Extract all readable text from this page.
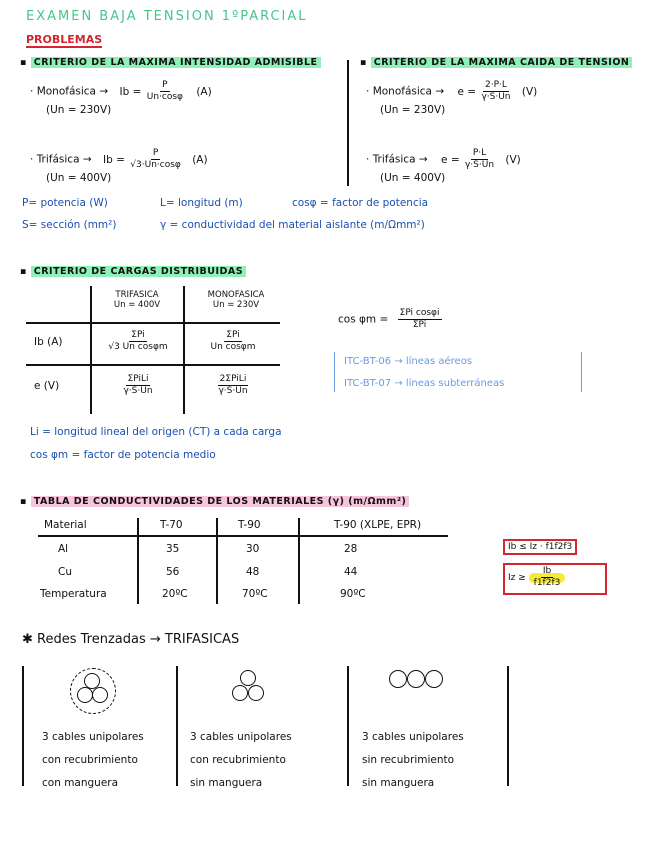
EXAMEN BAJA TENSION 1ºPARCIAL
PROBLEMAS
▪ CRITERIO DE LA MAXIMA INTENSIDAD ADMISIBLE	▪ CRITERIO DE LA MAXIMA CAIDA DE TENSION
· Monofásica → $Ib = \frac{P}{Un\cdot\cos\varphi} (A)$
(Un = 230V)
· Trifásica → $Ib = \frac{P}{√3\cdot Un\cdot\cos\varphi} (A)$
(Un = 400V)
· Monofásica → $e = \frac{2\cdot P\cdot L}{\gamma\cdot S\cdot Un} (V)$
(Un = 230V)
· Trifásica → $e = \frac{P\cdot L}{\gamma\cdot S\cdot Un} (V)$
(Un = 400V)
P= potencia (W)	L= longitud (m)	cosφ = factor de potencia
S= sección (mm²)	γ = conductividad del material aislante (m/Ωmm²)
▪ CRITERIO DE CARGAS DISTRIBUIDAS
TRIFASICA
Un = 400V
MONOFASICA
Un = 230V
Ib (A)	$\frac{\text{ΣPi}}{\text{√3 Un cosφm}}$	$\frac{\text{ΣPi}}{\text{Un cosφm}}$
e (V)	$\frac{\text{ΣPiLi}}{\gamma\cdot S\cdot Un}$	$\frac{\text{2ΣPiLi}}{\gamma\cdot S\cdot Un}$
$\cos \varphi m = \frac{\text{ΣPi cosφi}}{\text{ΣPi}}$
ITC-BT-06 → líneas aéreos
ITC-BT-07 → líneas subterráneas
Li = longitud lineal del origen (CT) a cada carga
cos φm = factor de potencia medio
▪ TABLA DE CONDUCTIVIDADES DE LOS MATERIALES (γ) (m/Ωmm²)
Material	T-70	T-90	T-90 (XLPE, EPR)
Al	35	30	28
Cu	56	48	44
Temperatura	20ºC	70ºC	90ºC
Ib ≤ Iz · f1f2f3
$Iz \ge \frac{Ib}{f1f2f3}$
✱ Redes Trenzadas → TRIFASICAS
3 cables unipolares
con recubrimiento
con manguera
3 cables unipolares
con recubrimiento
sin manguera
3 cables unipolares
sin recubrimiento
sin manguera
